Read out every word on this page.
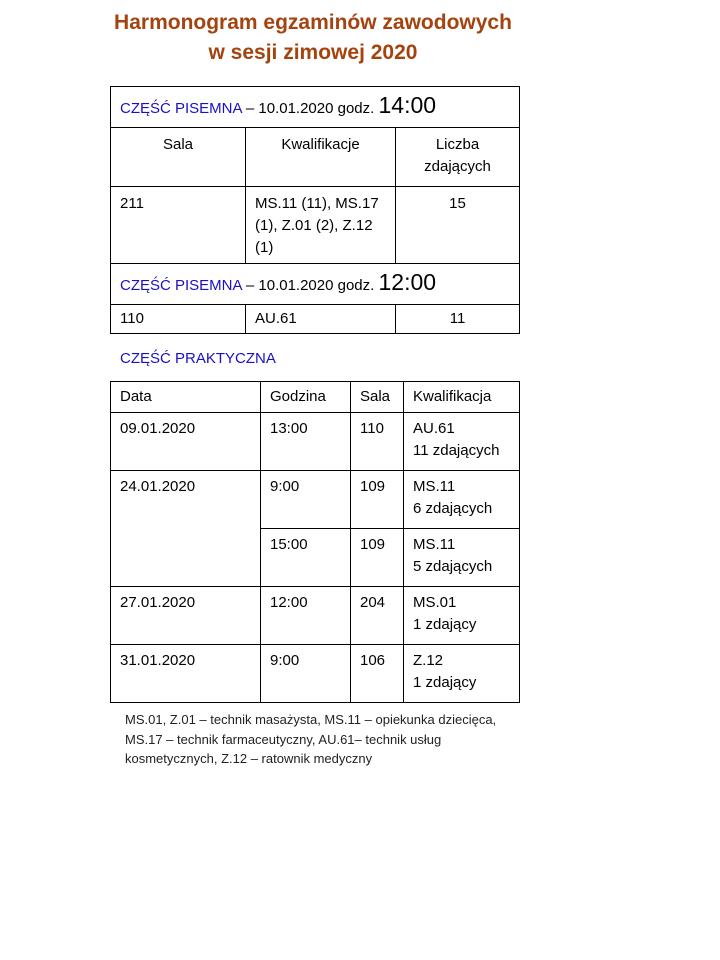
Harmonogram egzaminów zawodowych
w sesji zimowej 2020
CZĘŚĆ PISEMNA – 10.01.2020 godz. 14:00		
Sala	Kwalifikacje	Liczba zdających
211	MS.11 (11), MS.17 (1), Z.01 (2), Z.12 (1)	15
CZĘŚĆ PISEMNA – 10.01.2020 godz. 12:00		
110	AU.61	11
CZĘŚĆ PRAKTYCZNA
Data	Godzina	Sala	Kwalifikacja
09.01.2020	13:00	110	AU.61
11 zdających

24.01.2020	9:00	109	MS.11
6 zdających

	15:00	109	MS.11
5 zdających

27.01.2020	12:00	204	MS.01
1 zdający

31.01.2020	9:00	106	Z.12
1 zdający
MS.01, Z.01 – technik masażysta, MS.11 – opiekunka dziecięca, MS.17 – technik farmaceutyczny, AU.61– technik usług kosmetycznych, Z.12 – ratownik medyczny
